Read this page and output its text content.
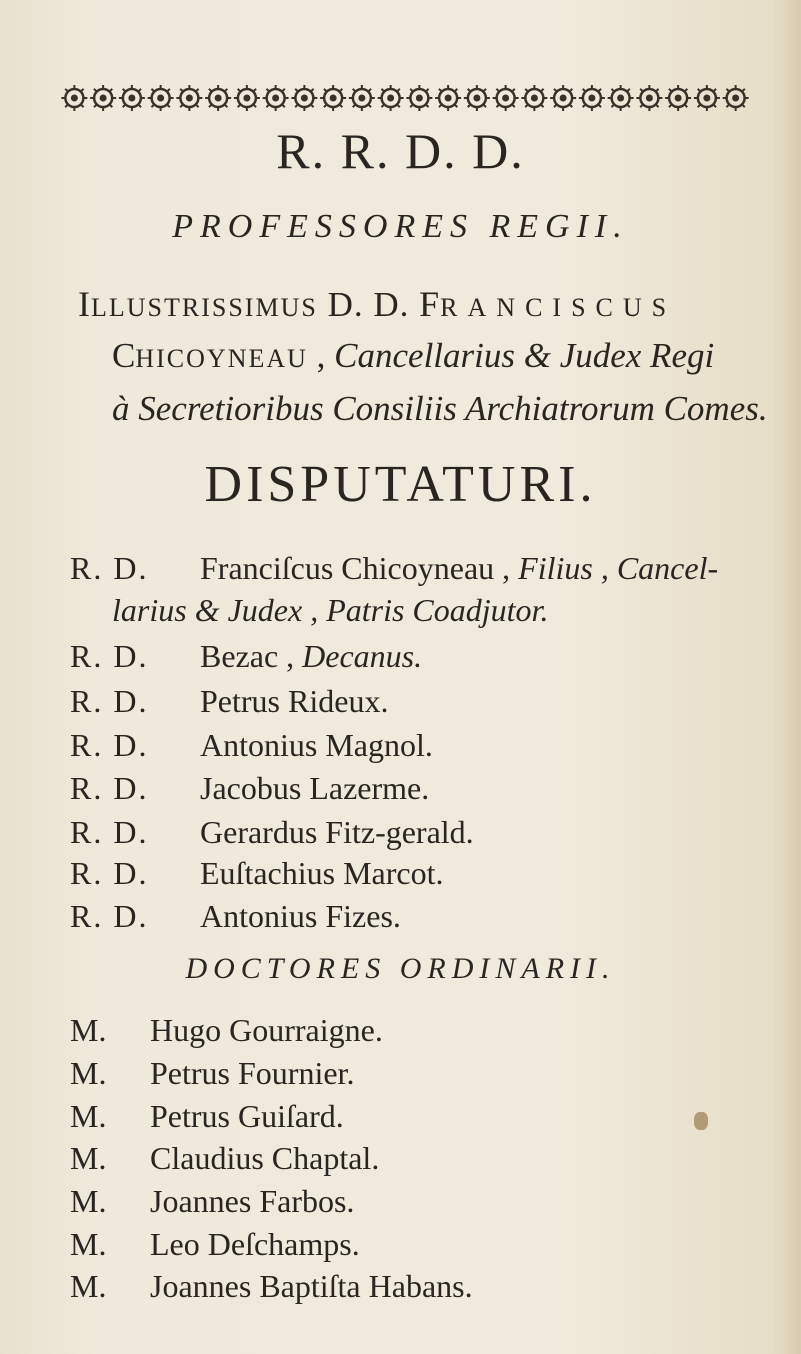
R. R. D. D.
PROFESSORES REGII.
ILLUSTRISSIMUS D. D. FRANCISCUS
CHICOYNEAU , Cancellarius & Judex Regi
à Secretioribus Consiliis Archiatrorum Comes.
DISPUTATURI.
R. D. Franciſcus Chicoyneau , Filius , Cancel-
larius & Judex , Patris Coadjutor.
R. D. Bezac , Decanus.
R. D. Petrus Rideux.
R. D. Antonius Magnol.
R. D. Jacobus Lazerme.
R. D. Gerardus Fitz-gerald.
R. D. Euſtachius Marcot.
R. D. Antonius Fizes.
DOCTORES ORDINARII.
M. Hugo Gourraigne.
M. Petrus Fournier.
M. Petrus Guiſard.
M. Claudius Chaptal.
M. Joannes Farbos.
M. Leo Deſchamps.
M. Joannes Baptiſta Habans.
